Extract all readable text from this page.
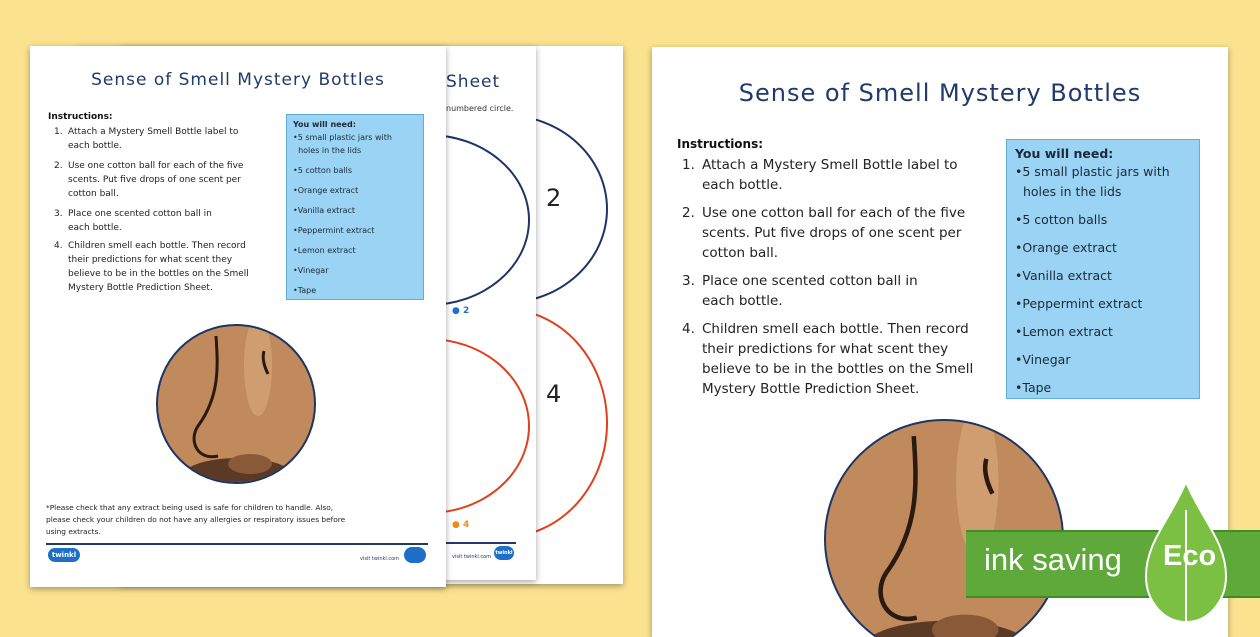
2
4
Sheet
numbered circle.
● 2
● 4
visit twinkl.com
twinkl
Sense of Smell Mystery Bottles
Instructions:
1. Attach a Mystery Smell Bottle label to
each bottle.
2. Use one cotton ball for each of the five
scents. Put five drops of one scent per
cotton ball.
3. Place one scented cotton ball in
each bottle.
4. Children smell each bottle. Then record
their predictions for what scent they
believe to be in the bottles on the Smell
Mystery Bottle Prediction Sheet.
You will need:
•5 small plastic jars with
holes in the lids
•5 cotton balls
•Orange extract
•Vanilla extract
•Peppermint extract
•Lemon extract
•Vinegar
•Tape
*Please check that any extract being used is safe for children to handle. Also,
please check your children do not have any allergies or respiratory issues before
using extracts.
twinkl	visit twinkl.com
Sense of Smell Mystery Bottles
Instructions:
1. Attach a Mystery Smell Bottle label to
each bottle.
2. Use one cotton ball for each of the five
scents. Put five drops of one scent per
cotton ball.
3. Place one scented cotton ball in
each bottle.
4. Children smell each bottle. Then record
their predictions for what scent they
believe to be in the bottles on the Smell
Mystery Bottle Prediction Sheet.
You will need:
•5 small plastic jars with
holes in the lids
•5 cotton balls
•Orange extract
•Vanilla extract
•Peppermint extract
•Lemon extract
•Vinegar
•Tape
ink saving Eco
